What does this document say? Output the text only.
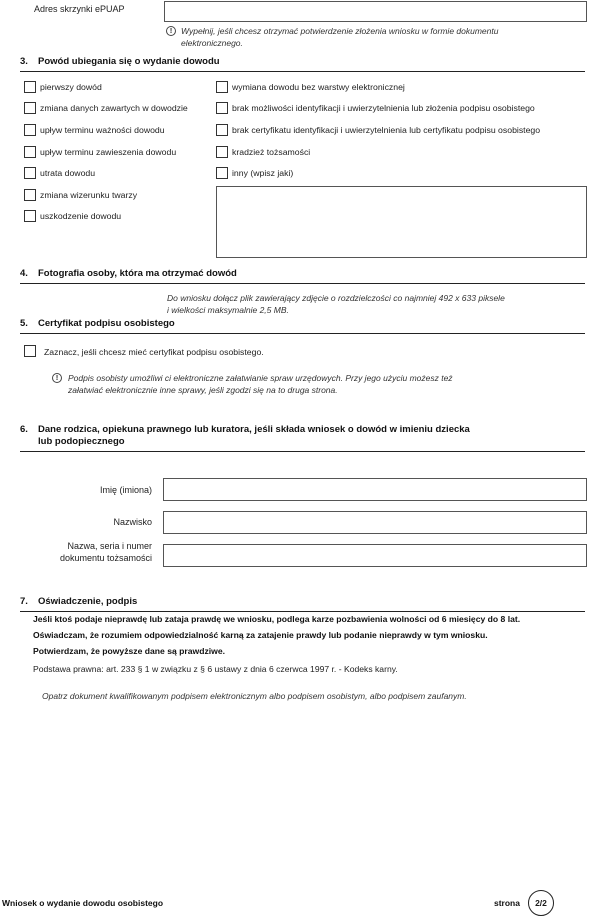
Adres skrzynki ePUAP
!	Wypełnij, jeśli chcesz otrzymać potwierdzenie złożenia wniosku w formie dokumentu elektronicznego.
3. Powód ubiegania się o wydanie dowodu
pierwszy dowód
zmiana danych zawartych w dowodzie
upływ terminu ważności dowodu
upływ terminu zawieszenia dowodu
utrata dowodu
zmiana wizerunku twarzy
uszkodzenie dowodu
wymiana dowodu bez warstwy elektronicznej
brak możliwości identyfikacji i uwierzytelnienia lub złożenia podpisu osobistego
brak certyfikatu identyfikacji i uwierzytelnienia lub certyfikatu podpisu osobistego
kradzież tożsamości
inny (wpisz jaki)
4. Fotografia osoby, która ma otrzymać dowód
Do wniosku dołącz plik zawierający zdjęcie o rozdzielczości co najmniej 492 x 633 piksele
i wielkości maksymalnie 2,5 MB.
5. Certyfikat podpisu osobistego
Zaznacz, jeśli chcesz mieć certyfikat podpisu osobistego.
!	Podpis osobisty umożliwi ci elektroniczne załatwianie spraw urzędowych. Przy jego użyciu możesz też
załatwiać elektronicznie inne sprawy, jeśli zgodzi się na to druga strona.
6. Dane rodzica, opiekuna prawnego lub kuratora, jeśli składa wniosek o dowód w imieniu dziecka
lub podopiecznego
Imię (imiona)
Nazwisko
Nazwa, seria i numer
dokumentu tożsamości
7. Oświadczenie, podpis
Jeśli ktoś podaje nieprawdę lub zataja prawdę we wniosku, podlega karze pozbawienia wolności od 6 miesięcy do 8 lat.
Oświadczam, że rozumiem odpowiedzialność karną za zatajenie prawdy lub podanie nieprawdy w tym wniosku.
Potwierdzam, że powyższe dane są prawdziwe.
Podstawa prawna: art. 233 § 1 w związku z § 6 ustawy z dnia 6 czerwca 1997 r. - Kodeks karny.
Opatrz dokument kwalifikowanym podpisem elektronicznym albo podpisem osobistym, albo podpisem zaufanym.
Wniosek o wydanie dowodu osobistego	strona	2/2
